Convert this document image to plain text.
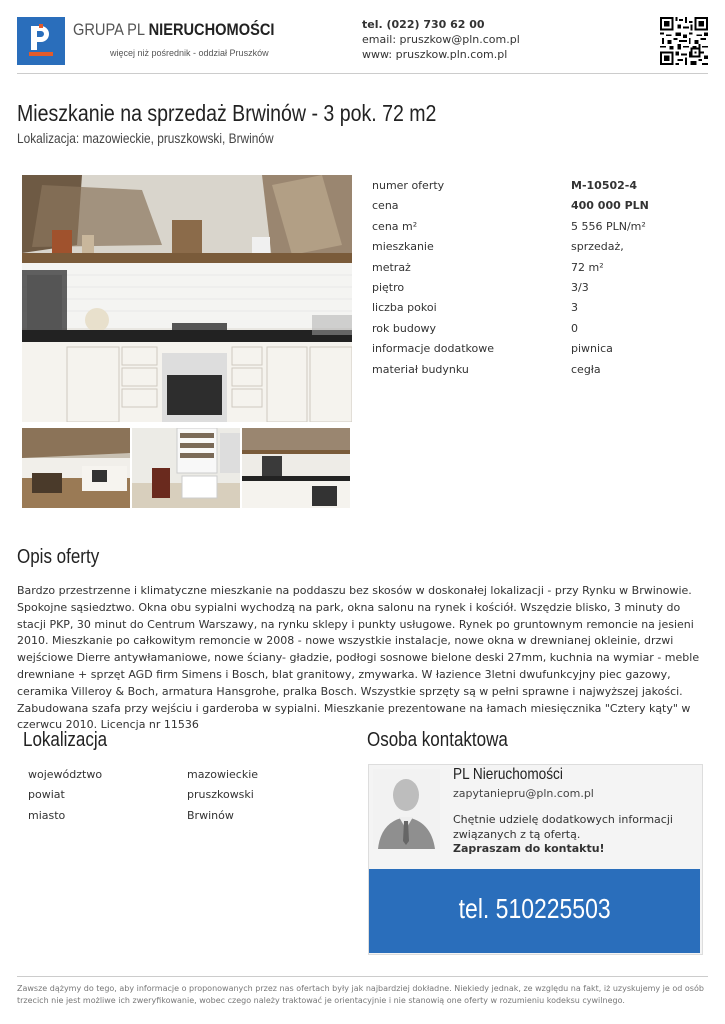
GRUPA PL NIERUCHOMOŚCI
więcej niż pośrednik - oddział Pruszków
tel. (022) 730 62 00
email: pruszkow@pln.com.pl
www: pruszkow.pln.com.pl
Mieszkanie na sprzedaż Brwinów - 3 pok. 72 m2
Lokalizacja: mazowieckie, pruszkowski, Brwinów
numer oferty	M-10502-4
cena	400 000 PLN
cena m²	5 556 PLN/m²
mieszkanie	sprzedaż,
metraż	72 m²
piętro	3/3
liczba pokoi	3
rok budowy	0
informacje dodatkowe	piwnica
materiał budynku	cegła
Opis oferty
Bardzo przestrzenne i klimatyczne mieszkanie na poddaszu bez skosów w doskonałej lokalizacji - przy Rynku w Brwinowie. Spokojne sąsiedztwo. Okna obu sypialni wychodzą na park, okna salonu na rynek i kościół. Wszędzie blisko, 3 minuty do stacji PKP, 30 minut do Centrum Warszawy, na rynku sklepy i punkty usługowe. Rynek po gruntownym remoncie na jesieni 2010. Mieszkanie po całkowitym remoncie w 2008 - nowe wszystkie instalacje, nowe okna w drewnianej okleinie, drzwi wejściowe Dierre antywłamaniowe, nowe ściany- gładzie, podłogi sosnowe bielone deski 27mm, kuchnia na wymiar - meble drewniane + sprzęt AGD firm Simens i Bosch, blat granitowy, zmywarka. W łazience 3letni dwufunkcyjny piec gazowy, ceramika Villeroy & Boch, armatura Hansgrohe, pralka Bosch. Wszystkie sprzęty są w pełni sprawne i najwyższej jakości. Zabudowana szafa przy wejściu i garderoba w sypialni. Mieszkanie prezentowane na łamach miesięcznika "Cztery kąty" w czerwcu 2010. Licencja nr 11536
Lokalizacja
województwo	mazowieckie
powiat	pruszkowski
miasto	Brwinów
Osoba kontaktowa
PL Nieruchomości
zapytaniepru@pln.com.pl
Chętnie udzielę dodatkowych informacji związanych z tą ofertą.
Zapraszam do kontaktu!
tel. 510225503
Zawsze dążymy do tego, aby informacje o proponowanych przez nas ofertach były jak najbardziej dokładne. Niekiedy jednak, ze względu na fakt, iż uzyskujemy je od osób trzecich nie jest możliwe ich zweryfikowanie, wobec czego należy traktować je orientacyjnie i nie stanowią one oferty w rozumieniu kodeksu cywilnego.
